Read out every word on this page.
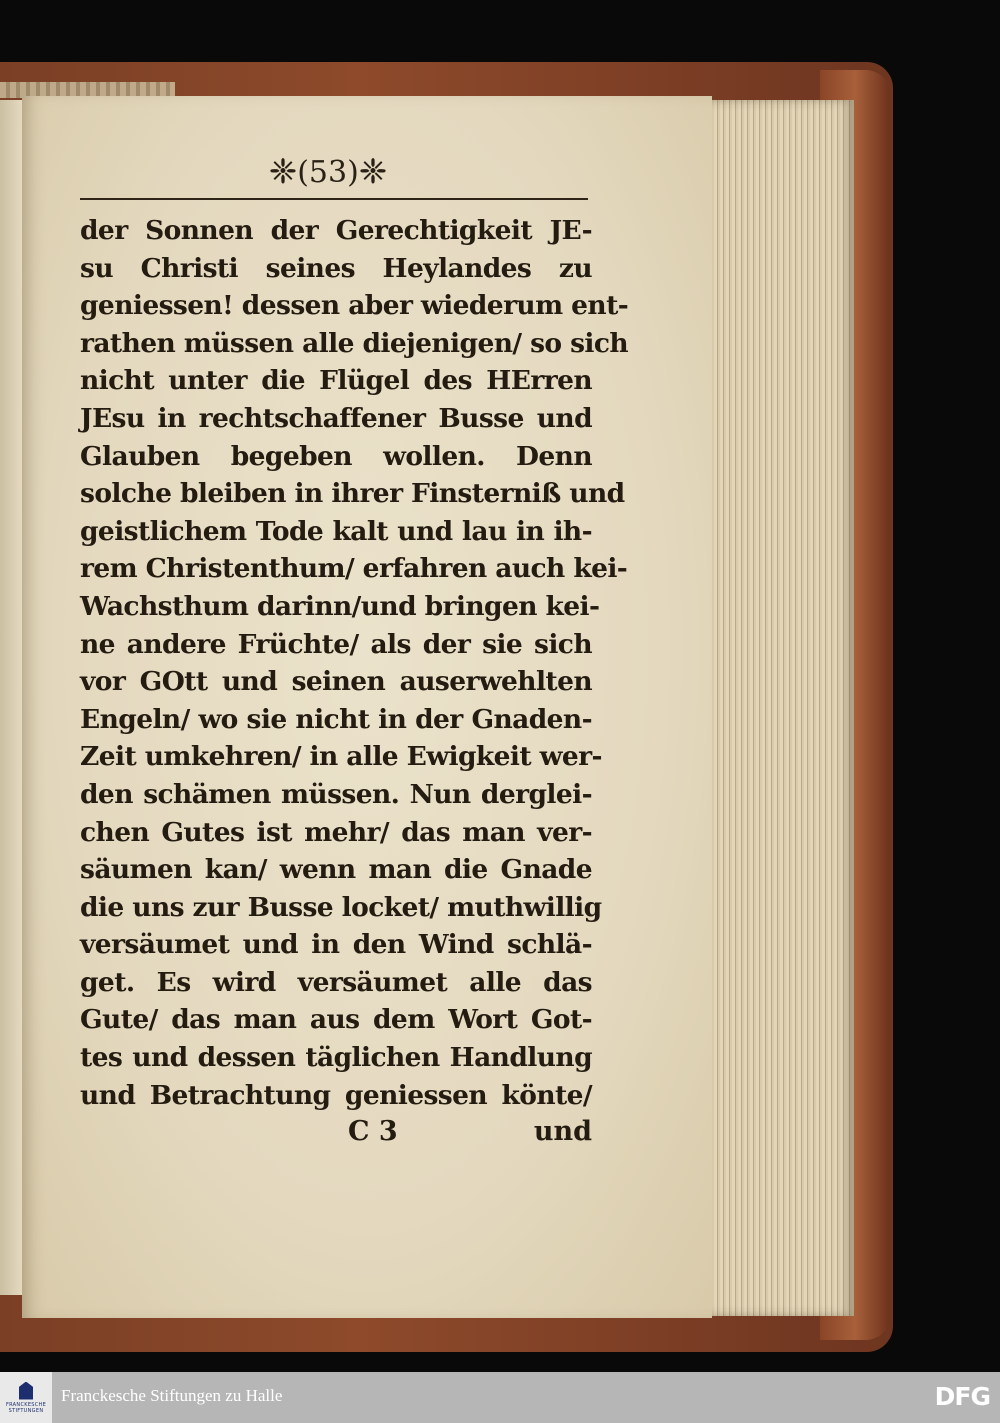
❈ (53) ❈
der Sonnen der Gerechtigkeit JE-
su Christi seines Heylandes zu
geniessen! dessen aber wiederum ent-
rathen müssen alle diejenigen/ so sich
nicht unter die Flügel des HErren
JEsu in rechtschaffener Busse und
Glauben begeben wollen. Denn
solche bleiben in ihrer Finsterniß und
geistlichem Tode kalt und lau in ih-
rem Christenthum/ erfahren auch kei-
Wachsthum darinn/und bringen kei-
ne andere Früchte/ als der sie sich
vor GOtt und seinen auserwehlten
Engeln/ wo sie nicht in der Gnaden-
Zeit umkehren/ in alle Ewigkeit wer-
den schämen müssen. Nun derglei-
chen Gutes ist mehr/ das man ver-
säumen kan/ wenn man die Gnade
die uns zur Busse locket/ muthwillig
versäumet und in den Wind schlä-
get. Es wird versäumet alle das
Gute/ das man aus dem Wort Got-
tes und dessen täglichen Handlung
und Betrachtung geniessen könte/
C 3	und
FRANCKESCHE STIFTUNGEN
Franckesche Stiftungen zu Halle	DFG
